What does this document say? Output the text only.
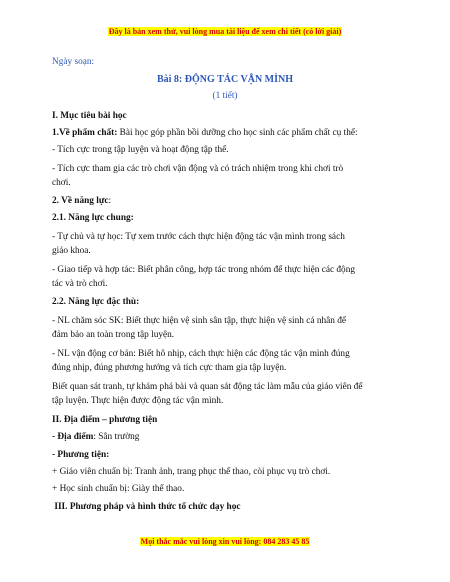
Đây là bản xem thử, vui lòng mua tài liệu để xem chi tiết (có lời giải)
Ngày soạn:
Bài 8: ĐỘNG TÁC VẬN MÌNH
(1 tiết)
I. Mục tiêu bài học
1.Về phẩm chất: Bài học góp phần bồi dưỡng cho học sinh các phẩm chất cụ thể:
- Tích cực trong tập luyện và hoạt động tập thể.
- Tích cực tham gia các trò chơi vận động và có trách nhiệm trong khi chơi trò
chơi.
2. Về năng lực:
2.1. Năng lực chung:
- Tự chủ và tự học: Tự xem trước cách thực hiện động tác vận mình trong sách
giáo khoa.
- Giao tiếp và hợp tác: Biết phân công, hợp tác trong nhóm để thực hiện các động
tác và trò chơi.
2.2. Năng lực đặc thù:
- NL chăm sóc SK: Biết thực hiện vệ sinh sân tập, thực hiện vệ sinh cá nhân để
đảm bảo an toàn trong tập luyện.
- NL vận động cơ bản: Biết hô nhịp, cách thực hiện các động tác vận mình đúng
đúng nhịp, đúng phương hướng và tích cực tham gia tập luyện.
Biết quan sát tranh, tự khám phá bài và quan sát động tác làm mẫu của giáo viên để
tập luyện. Thực hiện được động tác vận mình.
II. Địa điểm – phương tiện
- Địa điểm: Sân trường
- Phương tiện:
+ Giáo viên chuẩn bị: Tranh ảnh, trang phục thể thao, còi phục vụ trò chơi.
+ Học sinh chuẩn bị: Giày thể thao.
III. Phương pháp và hình thức tổ chức dạy học
Mọi thắc mắc vui lòng xin vui lòng: 084 283 45 85
